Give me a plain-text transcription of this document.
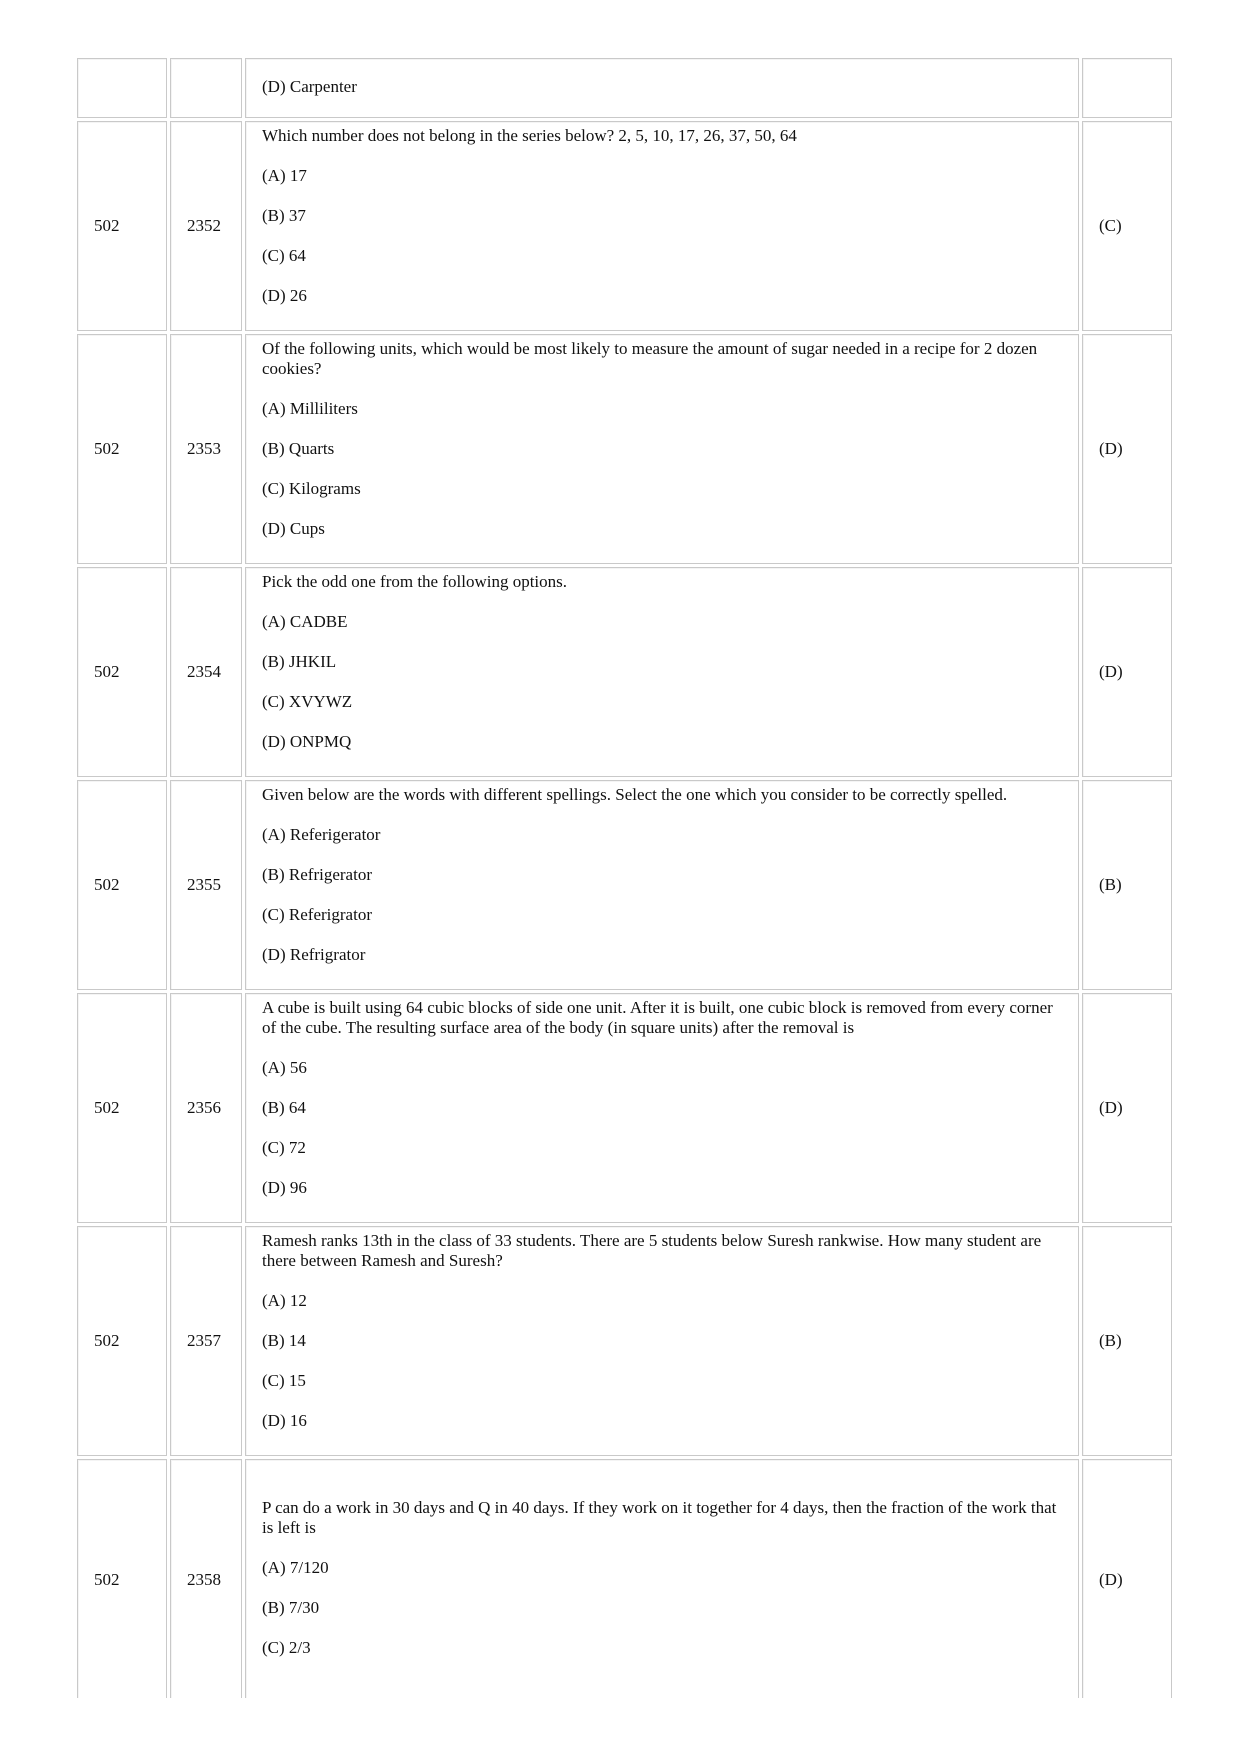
		(D) Carpenter	

502	2352	Which number does not belong in the series below? 2, 5, 10, 17, 26, 37, 50, 64

(A) 17

(B) 37

(C) 64

(D) 26	(C)
502	2353	Of the following units, which would be most likely to measure the amount of sugar needed in a recipe for 2 dozen cookies?

(A) Milliliters

(B) Quarts

(C) Kilograms

(D) Cups	(D)
502	2354	Pick the odd one from the following options.

(A) CADBE

(B) JHKIL

(C) XVYWZ

(D) ONPMQ	(D)
502	2355	Given below are the words with different spellings. Select the one which you consider to be correctly spelled.

(A) Referigerator

(B) Refrigerator

(C) Referigrator

(D) Refrigrator	(B)
502	2356	A cube is built using 64 cubic blocks of side one unit. After it is built, one cubic block is removed from every corner of the cube. The resulting surface area of the body (in square units) after the removal is

(A) 56

(B) 64

(C) 72

(D) 96	(D)
502	2357	Ramesh ranks 13th in the class of 33 students. There are 5 students below Suresh rankwise. How many student are there between Ramesh and Suresh?

(A) 12

(B) 14

(C) 15

(D) 16	(B)
502	2358	P can do a work in 30 days and Q in 40 days. If they work on it together for 4 days, then the fraction of the work that is left is

(A) 7/120

(B) 7/30

(C) 2/3	(D)
